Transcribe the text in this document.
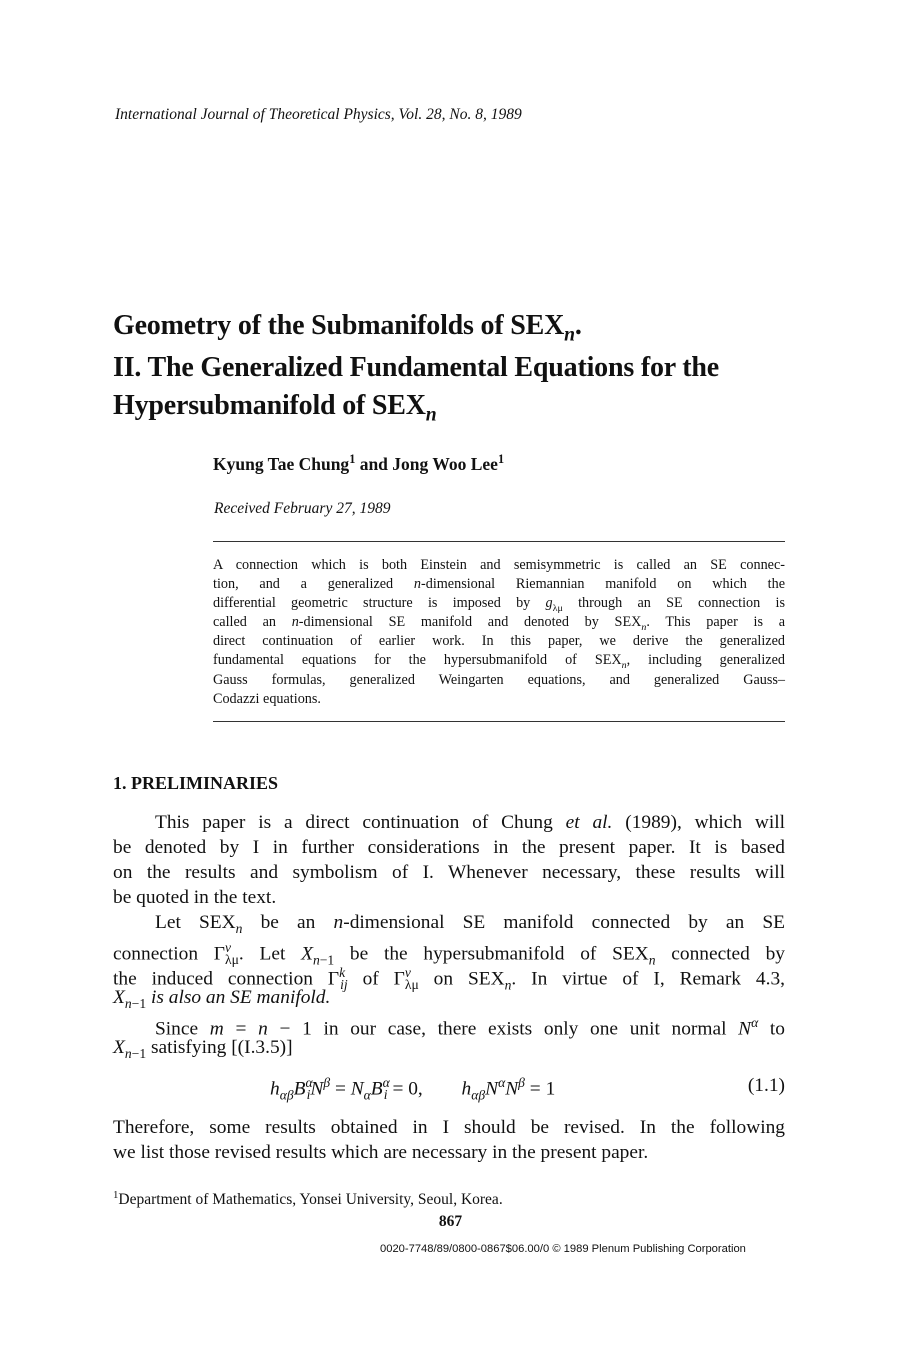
International Journal of Theoretical Physics, Vol. 28, No. 8, 1989
Geometry of the Submanifolds of $SEX_n$.
II. The Generalized Fundamental Equations for the
Hypersubmanifold of $SEX_n$
Kyung Tae Chung$^1$ and Jong Woo Lee$^1$
Received February 27, 1989
A connection which is both Einstein and semisymmetric is called an SE connec-
tion, and a generalized n-dimensional Riemannian manifold on which the
differential geometric structure is imposed by $g_{\lambda\mu}$ through an SE connection is
called an n-dimensional SE manifold and denoted by $SEX_n$. This paper is a
direct continuation of earlier work. In this paper, we derive the generalized
fundamental equations for the hypersubmanifold of $SEX_n$, including generalized
Gauss formulas, generalized Weingarten equations, and generalized Gauss–
Codazzi equations.
1. PRELIMINARIES
This paper is a direct continuation of Chung et al. (1989), which will
be denoted by I in further considerations in the present paper. It is based
on the results and symbolism of I. Whenever necessary, these results will
be quoted in the text.
Let $SEX_n$ be an n-dimensional SE manifold connected by an SE
connection $\Gamma^\nu_{\lambda\mu}$. Let $X_{n-1}$ be the hypersubmanifold of $SEX_n$ connected by
the induced connection $\Gamma^k_{ij}$ of $\Gamma^\nu_{\lambda\mu}$ on $SEX_n$. In virtue of I, Remark 4.3,
$X_{n-1}$ is also an SE manifold.
Since m = n − 1 in our case, there exists only one unit normal $N^\alpha$ to
$X_{n-1}$ satisfying [(I.3.5)]
$h_{\alpha\beta}B^\alpha_iN^\beta = N_\alpha B^\alpha_i = 0$,        $h_{\alpha\beta}N^\alpha N^\beta = 1$	(1.1)
Therefore, some results obtained in I should be revised. In the following
we list those revised results which are necessary in the present paper.
$^1$Department of Mathematics, Yonsei University, Seoul, Korea.
867
0020-7748/89/0800-0867$06.00/0 © 1989 Plenum Publishing Corporation
